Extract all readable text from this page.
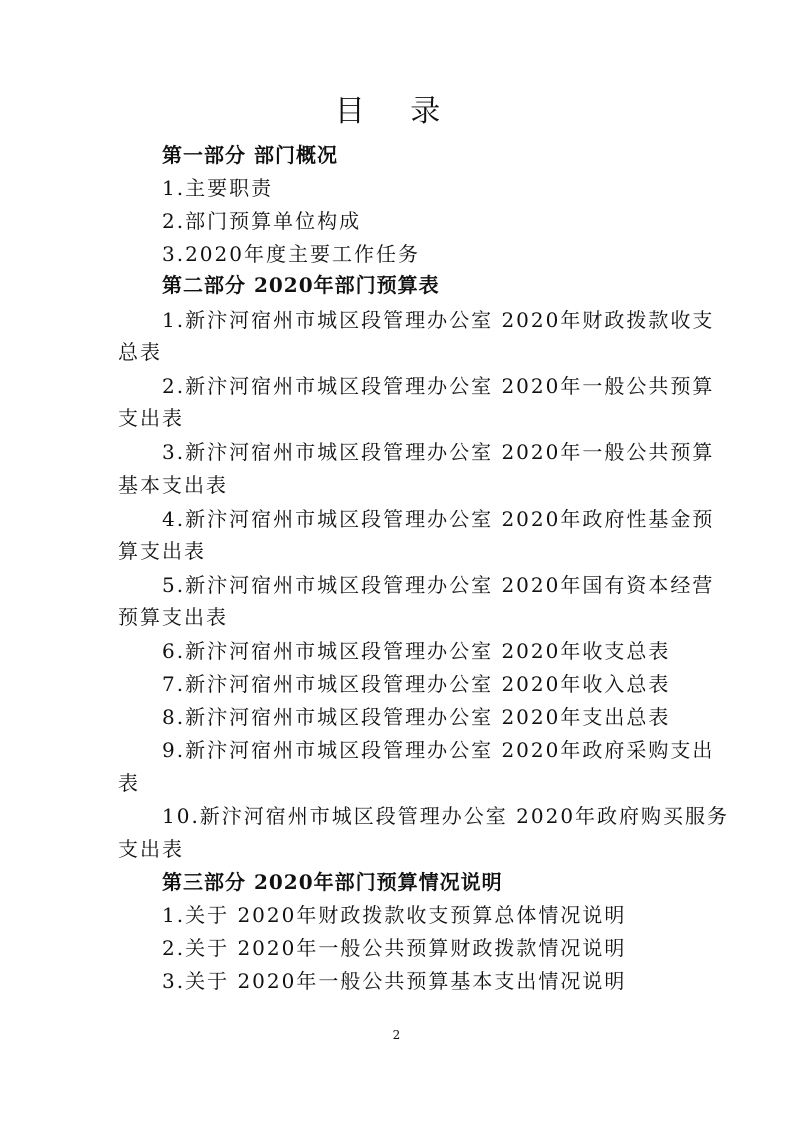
目 录
第一部分 部门概况
1.主要职责
2.部门预算单位构成
3.2020年度主要工作任务
第二部分 2020年部门预算表
1.新汴河宿州市城区段管理办公室 2020年财政拨款收支
总表
2.新汴河宿州市城区段管理办公室 2020年一般公共预算
支出表
3.新汴河宿州市城区段管理办公室 2020年一般公共预算
基本支出表
4.新汴河宿州市城区段管理办公室 2020年政府性基金预
算支出表
5.新汴河宿州市城区段管理办公室 2020年国有资本经营
预算支出表
6.新汴河宿州市城区段管理办公室 2020年收支总表
7.新汴河宿州市城区段管理办公室 2020年收入总表
8.新汴河宿州市城区段管理办公室 2020年支出总表
9.新汴河宿州市城区段管理办公室 2020年政府采购支出
表
10.新汴河宿州市城区段管理办公室 2020年政府购买服务
支出表
第三部分 2020年部门预算情况说明
1.关于 2020年财政拨款收支预算总体情况说明
2.关于 2020年一般公共预算财政拨款情况说明
3.关于 2020年一般公共预算基本支出情况说明
2
